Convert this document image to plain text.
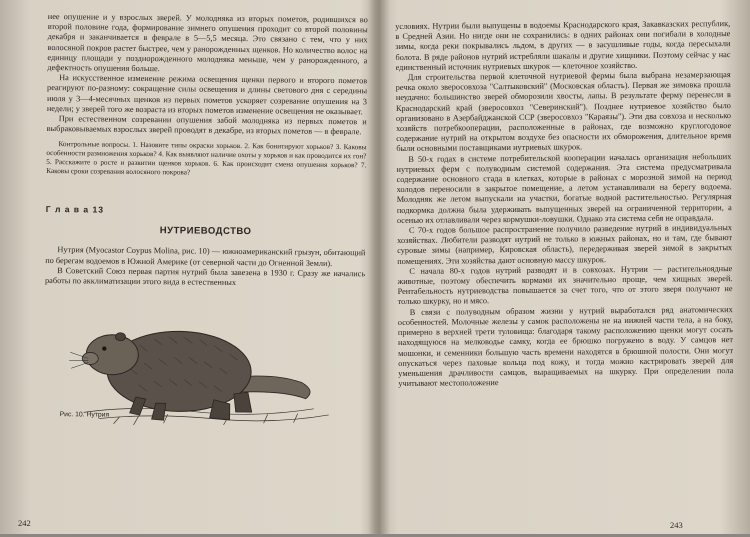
нее опушение и у взрослых зверей. У молодняка из вторых пометов, родившихся во второй половине года, формирование зимнего опушения проходит со второй половины декабря и заканчивается в феврале в 5—5,5 месяца. Это связано с тем, что у них волосяной покров растет быстрее, чем у ранорожденных щенков. Но количество волос на единицу площади у позднорожденного молодняка меньше, чем у ранорожденного, а дефектность опушения больше.

На искусственное изменение режима освещения щенки первого и второго пометов реагируют по-разному: сокращение силы освещения и длины светового дня с середины июля у 3—4-месячных щенков из первых пометов ускоряет созревание опушения на 3 недели; у зверей того же возраста из вторых пометов изменение освещения не оказывает.

При естественном созревании опушения забой молодняка из первых пометов и выбраковываемых взрослых зверей проводят в декабре, из вторых пометов — в феврале.

Контрольные вопросы. 1. Назовите типы окраски хорьков. 2. Как бонитируют хорьков? 3. Каковы особенности размножения хорьков? 4. Как выявляют наличие охоты у хорьков и как проводится их гон? 5. Расскажите о росте и развитии щенков хорьков. 6. Как происходит смена опушения хорьков? 7. Каковы сроки созревания волосяного покрова?

Г л а в а 13
НУТРИЕВОДСТВО

Нутрия (Myocastor Coypus Molina, рис. 10) — южноамериканский грызун, обитающий по берегам водоемов в Южной Америке (от северной части до Огненной Земли).

В Советский Союз первая партия нутрий была завезена в 1930 г. Сразу же начались работы по акклиматизации этого вида в естественных

Рис. 10. Нутрия
242

условиях. Нутрии были выпущены в водоемы Краснодарского края, Закавказских республик, в Средней Азии. Но нигде они не сохранились: в одних районах они погибали в холодные зимы, когда реки покрывались льдом, в других — в засушливые годы, когда пересыхали болота. В ряде районов нутрий истребляли шакалы и другие хищники. Поэтому сейчас у нас единственный источник нутриевых шкурок — клеточное хозяйство.

Для строительства первой клеточной нутриевой фермы была выбрана незамерзающая речка около зверосовхоза "Салтыковский" (Московская область). Первая же зимовка прошла неудачно: большинство зверей обморозили хвосты, лапы. В результате ферму перенесли в Краснодарский край (зверосовхоз "Северинский"). Позднее нутриевое хозяйство было организовано в Азербайджанской ССР (зверосовхоз "Караязы"). Эти два совхоза и несколько хозяйств потребкооперации, расположенные в районах, где возможно круглогодовое содержание нутрий на открытом воздухе без опасности их обморожения, длительное время были основными поставщиками нутриевых шкурок.

В 50-х годах в системе потребительской кооперации началась организация небольших нутриевых ферм с полуводным системой содержания. Эта система предусматривала содержание основного стада в клетках, которые в районах с морозной зимой на период холодов переносили в закрытое помещение, а летом устанавливали на берегу водоема. Молодняк же летом выпускали на участки, богатые водной растительностью. Регулярная подкормка должна была удерживать выпущенных зверей на ограниченной территории, а осенью их отлавливали через кормушки-ловушки. Однако эта система себя не оправдала.

С 70-х годов большое распространение получило разведение нутрий в индивидуальных хозяйствах. Любители разводят нутрий не только в южных районах, но и там, где бывают суровые зимы (например, Кировская область), передерживая зверей зимой в закрытых помещениях. Эти хозяйства дают основную массу шкурок.

С начала 80-х годов нутрий разводят и в совхозах. Нутрии — растительноядные животные, поэтому обеспечить кормами их значительно проще, чем хищных зверей. Рентабельность нутриеводства повышается за счет того, что от этого зверя получают не только шкурку, но и мясо.

В связи с полуводным образом жизни у нутрий выработался ряд анатомических особенностей. Молочные железы у самок расположены не на нижней части тела, а на боку, примерно в верхней трети туловища: благодаря такому расположению щенки могут сосать находящуюся на мелководье самку, когда ее брюшко погружено в воду. У самцов нет мошонки, и семенники большую часть времени находятся в брюшной полости. Они могут опускаться через паховые кольца под кожу, и тогда можно кастрировать зверей для уменьшения драчливости самцов, выращиваемых на шкурку. При определении пола учитывают местоположение

243
